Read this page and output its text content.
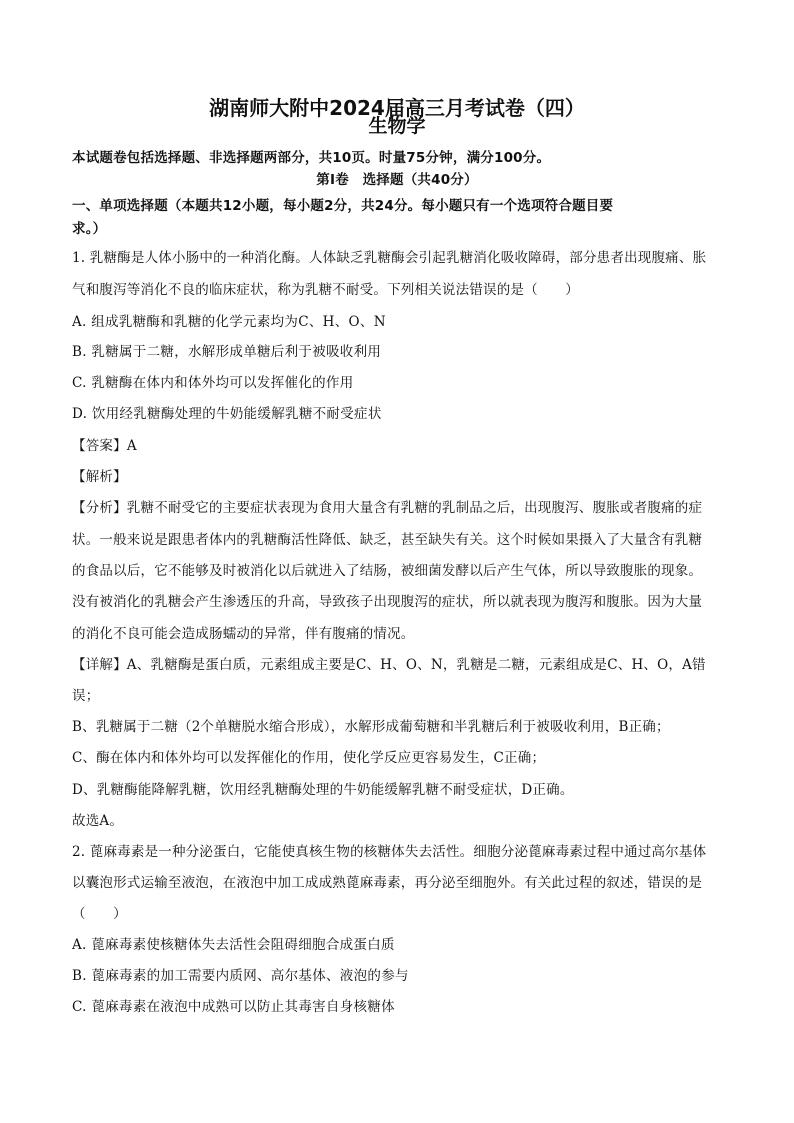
湖南师大附中2024届高三月考试卷（四）
生物学
本试题卷包括选择题、非选择题两部分，共10页。时量75分钟，满分100分。
第Ⅰ卷　选择题（共40分）
一、单项选择题（本题共12小题，每小题2分，共24分。每小题只有一个选项符合题目要
求。）
1. 乳糖酶是人体小肠中的一种消化酶。人体缺乏乳糖酶会引起乳糖消化吸收障碍，部分患者出现腹痛、胀
气和腹泻等消化不良的临床症状，称为乳糖不耐受。下列相关说法错误的是（　　）
A. 组成乳糖酶和乳糖的化学元素均为C、H、O、N
B. 乳糖属于二糖，水解形成单糖后利于被吸收利用
C. 乳糖酶在体内和体外均可以发挥催化的作用
D. 饮用经乳糖酶处理的牛奶能缓解乳糖不耐受症状
【答案】A
【解析】
【分析】乳糖不耐受它的主要症状表现为食用大量含有乳糖的乳制品之后，出现腹泻、腹胀或者腹痛的症
状。一般来说是跟患者体内的乳糖酶活性降低、缺乏，甚至缺失有关。这个时候如果摄入了大量含有乳糖
的食品以后，它不能够及时被消化以后就进入了结肠，被细菌发酵以后产生气体，所以导致腹胀的现象。
没有被消化的乳糖会产生渗透压的升高，导致孩子出现腹泻的症状，所以就表现为腹泻和腹胀。因为大量
的消化不良可能会造成肠蠕动的异常，伴有腹痛的情况。
【详解】A、乳糖酶是蛋白质，元素组成主要是C、H、O、N，乳糖是二糖，元素组成是C、H、O，A错
误；
B、乳糖属于二糖（2个单糖脱水缩合形成），水解形成葡萄糖和半乳糖后利于被吸收利用，B正确；
C、酶在体内和体外均可以发挥催化的作用，使化学反应更容易发生，C正确；
D、乳糖酶能降解乳糖，饮用经乳糖酶处理的牛奶能缓解乳糖不耐受症状，D正确。
故选A。
2. 蓖麻毒素是一种分泌蛋白，它能使真核生物的核糖体失去活性。细胞分泌蓖麻毒素过程中通过高尔基体
以囊泡形式运输至液泡，在液泡中加工成成熟蓖麻毒素，再分泌至细胞外。有关此过程的叙述，错误的是
（　　）
A. 蓖麻毒素使核糖体失去活性会阻碍细胞合成蛋白质
B. 蓖麻毒素的加工需要内质网、高尔基体、液泡的参与
C. 蓖麻毒素在液泡中成熟可以防止其毒害自身核糖体
